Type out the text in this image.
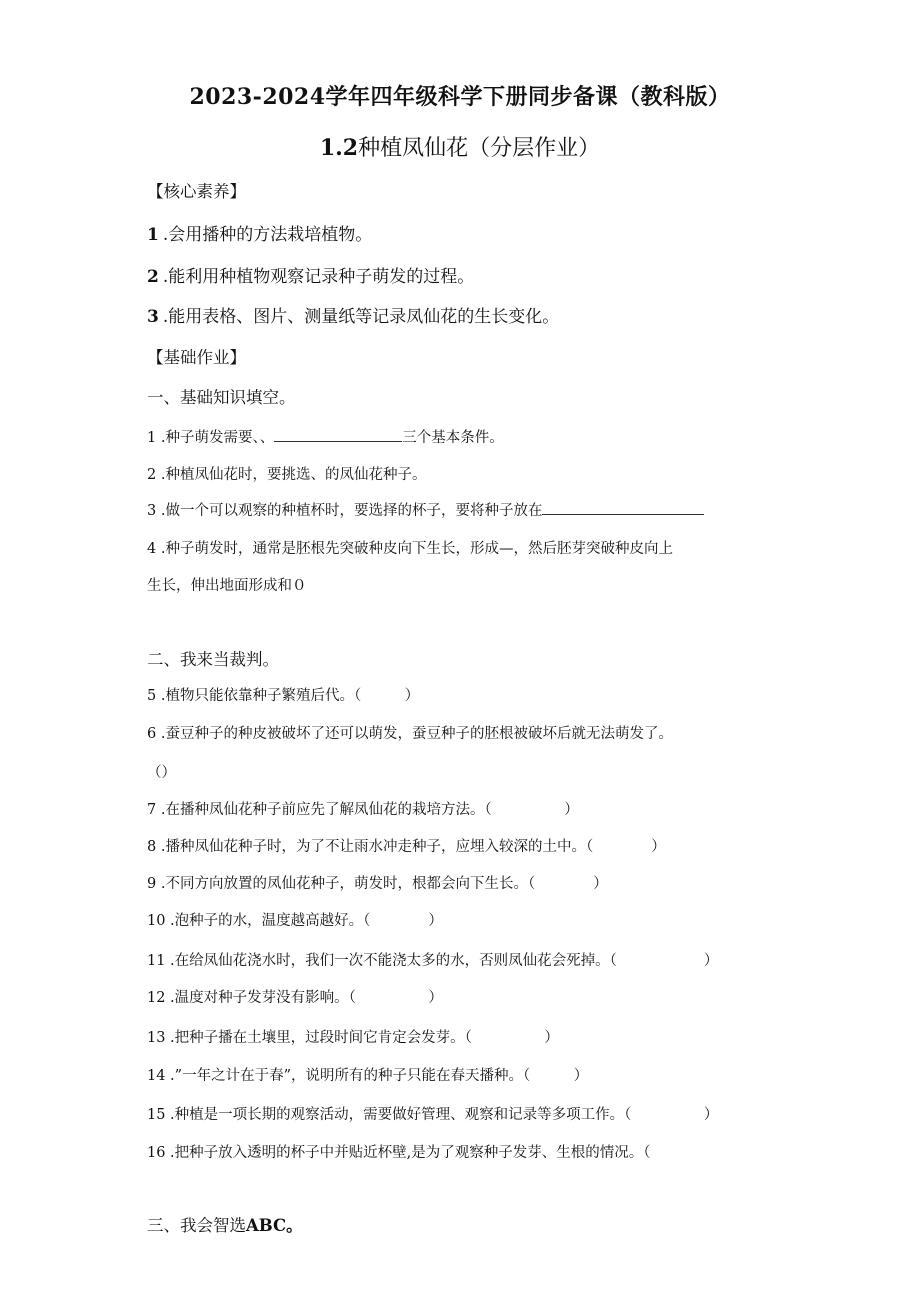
2023-2024学年四年级科学下册同步备课（教科版）
1.2种植凤仙花（分层作业）
【核心素养】
1 .会用播种的方法栽培植物。
2 .能利用种植物观察记录种子萌发的过程。
3 .能用表格、图片、测量纸等记录凤仙花的生长变化。
【基础作业】
一、基础知识填空。
1 .种子萌发需要、、	三个基本条件。
2 .种植凤仙花时，要挑选、的凤仙花种子。
3 .做一个可以观察的种植杯时，要选择的杯子，要将种子放在
4 .种子萌发时，通常是胚根先突破种皮向下生长，形成—，然后胚芽突破种皮向上
生长，伸出地面形成和０
二、我来当裁判。
5 .植物只能依靠种子繁殖后代。（　　　）
6 .蚕豆种子的种皮被破坏了还可以萌发，蚕豆种子的胚根被破坏后就无法萌发了。
（）
7 .在播种凤仙花种子前应先了解凤仙花的栽培方法。（　　　　　）
8 .播种凤仙花种子时，为了不让雨水冲走种子，应埋入较深的土中。（　　　　）
9 .不同方向放置的凤仙花种子，萌发时，根都会向下生长。（　　　　）
10 .泡种子的水，温度越高越好。（　　　　）
11 .在给凤仙花浇水时，我们一次不能浇太多的水，否则凤仙花会死掉。（　　　　　　）
12 .温度对种子发芽没有影响。（　　　　　）
13 .把种子播在土壤里，过段时间它肯定会发芽。（　　　　　）
14 .”一年之计在于春”，说明所有的种子只能在春天播种。（　　　）
15 .种植是一项长期的观察活动，需要做好管理、观察和记录等多项工作。（　　　　　）
16 .把种子放入透明的杯子中并贴近杯壁,是为了观察种子发芽、生根的情况。（
三、我会智选ABC。
